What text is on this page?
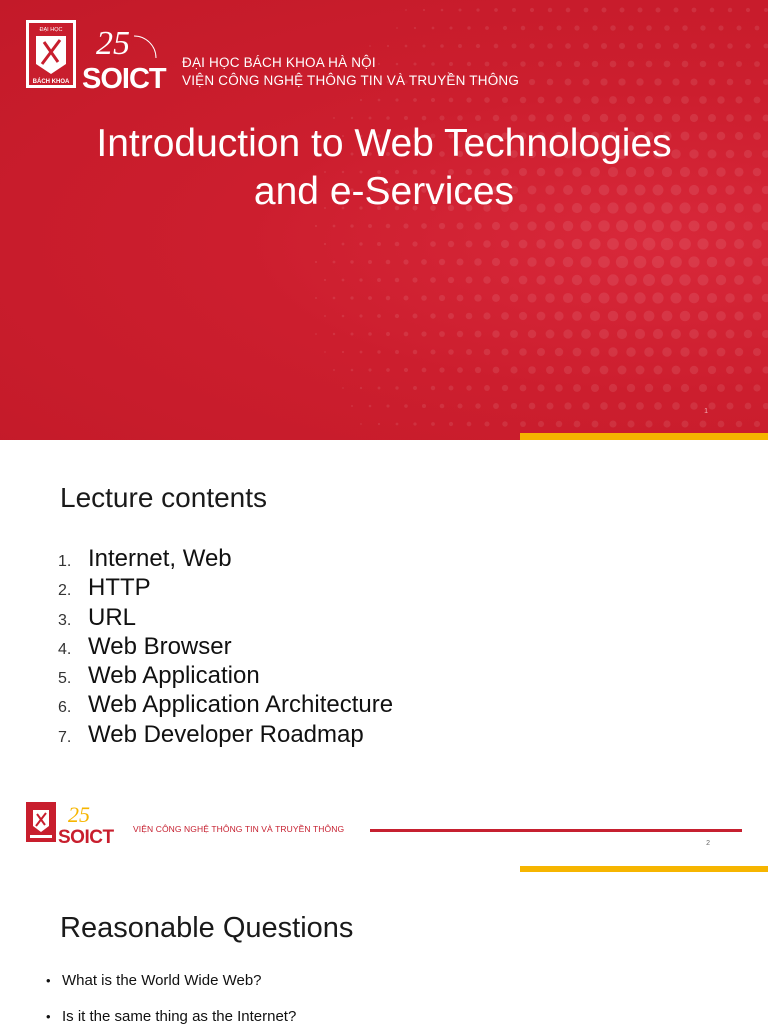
ĐẠI HỌC
BÁCH KHOA
25
SOICT
ĐẠI HỌC BÁCH KHOA HÀ NỘI
VIỆN CÔNG NGHỆ THÔNG TIN VÀ TRUYỀN THÔNG
Introduction to Web Technologies
and e-Services
1
Lecture contents
1. Internet, Web
2. HTTP
3. URL
4. Web Browser
5. Web Application
6. Web Application Architecture
7. Web Developer Roadmap
25
SOICT VIỆN CÔNG NGHỆ THÔNG TIN VÀ TRUYỀN THÔNG
2
Reasonable Questions
• What is the World Wide Web?
• Is it the same thing as the Internet?
